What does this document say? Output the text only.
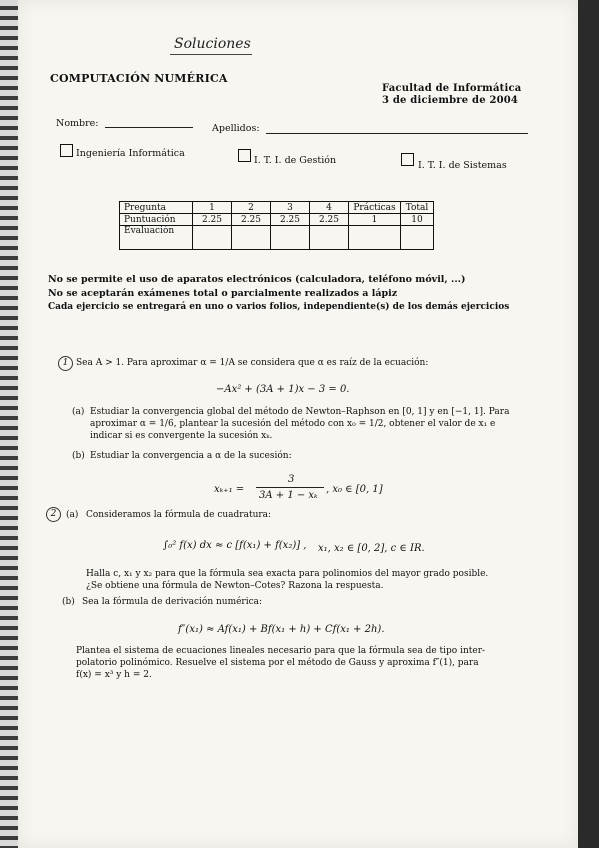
Soluciones
COMPUTACIÓN NUMÉRICA
Facultad de Informática
3 de diciembre de 2004
Nombre:	Apellidos:
Ingeniería Informática
I. T. I. de Gestión	I. T. I. de Sistemas
Pregunta	1	2	3	4	Prácticas	Total
Puntuación	2.25	2.25	2.25	2.25	1	10
Evaluación						
No se permite el uso de aparatos electrónicos (calculadora, teléfono móvil, ...)
No se aceptarán exámenes total o parcialmente realizados a lápiz
Cada ejercicio se entregará en uno o varios folios, independiente(s) de los demás ejercicios
1 Sea A > 1. Para aproximar α = 1/A se considera que α es raíz de la ecuación:
−Ax² + (3A + 1)x − 3 = 0.
(a) Estudiar la convergencia global del método de Newton–Raphson en [0, 1] y en [−1, 1]. Para
aproximar α = 1/6, plantear la sucesión del método con x₀ = 1/2, obtener el valor de x₁ e
indicar si es convergente la sucesión xₖ.
(b) Estudiar la convergencia a α de la sucesión:
xₖ₊₁ =
3
3A + 1 − xₖ
, x₀ ∈ [0, 1]
2	(a) Consideramos la fórmula de cuadratura:
∫₀² f(x) dx ≈ c [f(x₁) + f(x₂)] , x₁, x₂ ∈ [0, 2], c ∈ IR.
Halla c, x₁ y x₂ para que la fórmula sea exacta para polinomios del mayor grado posible.
¿Se obtiene una fórmula de Newton–Cotes? Razona la respuesta.
(b) Sea la fórmula de derivación numérica:
f″(x₁) ≈ Af(x₁) + Bf(x₁ + h) + Cf(x₁ + 2h).
Plantea el sistema de ecuaciones lineales necesario para que la fórmula sea de tipo inter-
polatorio polinómico. Resuelve el sistema por el método de Gauss y aproxima f″(1), para
f(x) = x³ y h = 2.
